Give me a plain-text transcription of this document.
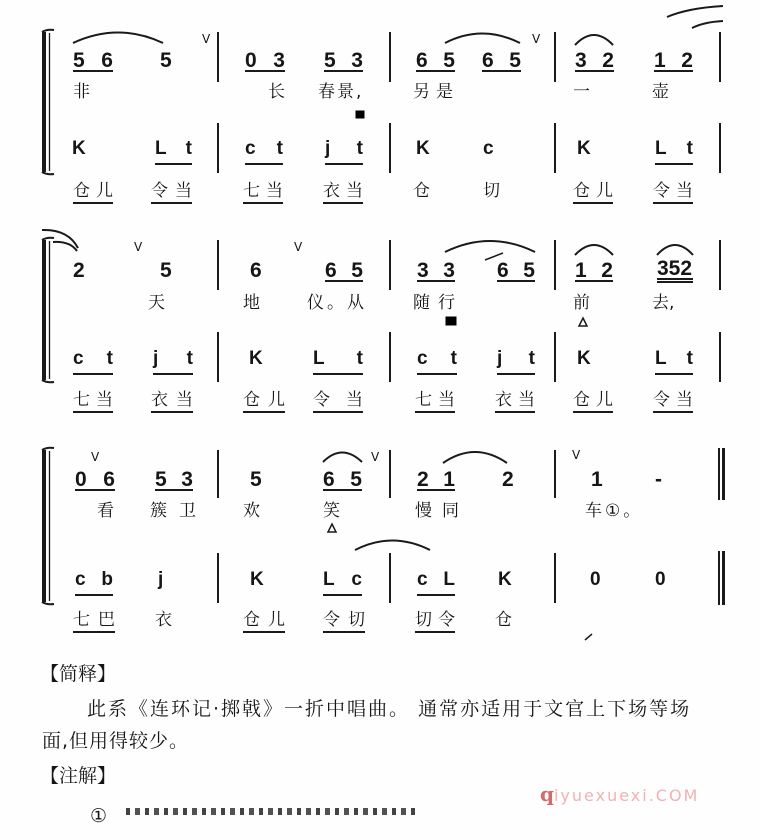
V	V
5 6 5	0 3 5 3	6 5 6 5	3 2 1 2
非	长 春景,	另是	一	壶
K	L t	c t j t	K	c	K	L t
仓儿 令当	七当 衣当	仓	切	仓儿 令当
V	V
2	5	6	6 5	3 3 6 5 1 2 352
天	地	仪。从	随行	前	去,
c t j t	K	L t	c t j t K	L t
七当 衣当 仓儿 令当 七当 衣当 仓儿 令当
V	V	V
0 6 5 3	5	6 5	2 1 2	1 -
看 簇卫 欢	笑	慢同	车①。
c b j	K	L c	c L K	0	0
七巴 衣	仓儿 令切 切令 仓
【简释】
此系《连环记·掷戟》一折中唱曲。 通常亦适用于文官上下场等场
面,但用得较少。
【注解】
①
qiyuexuexi.COM
